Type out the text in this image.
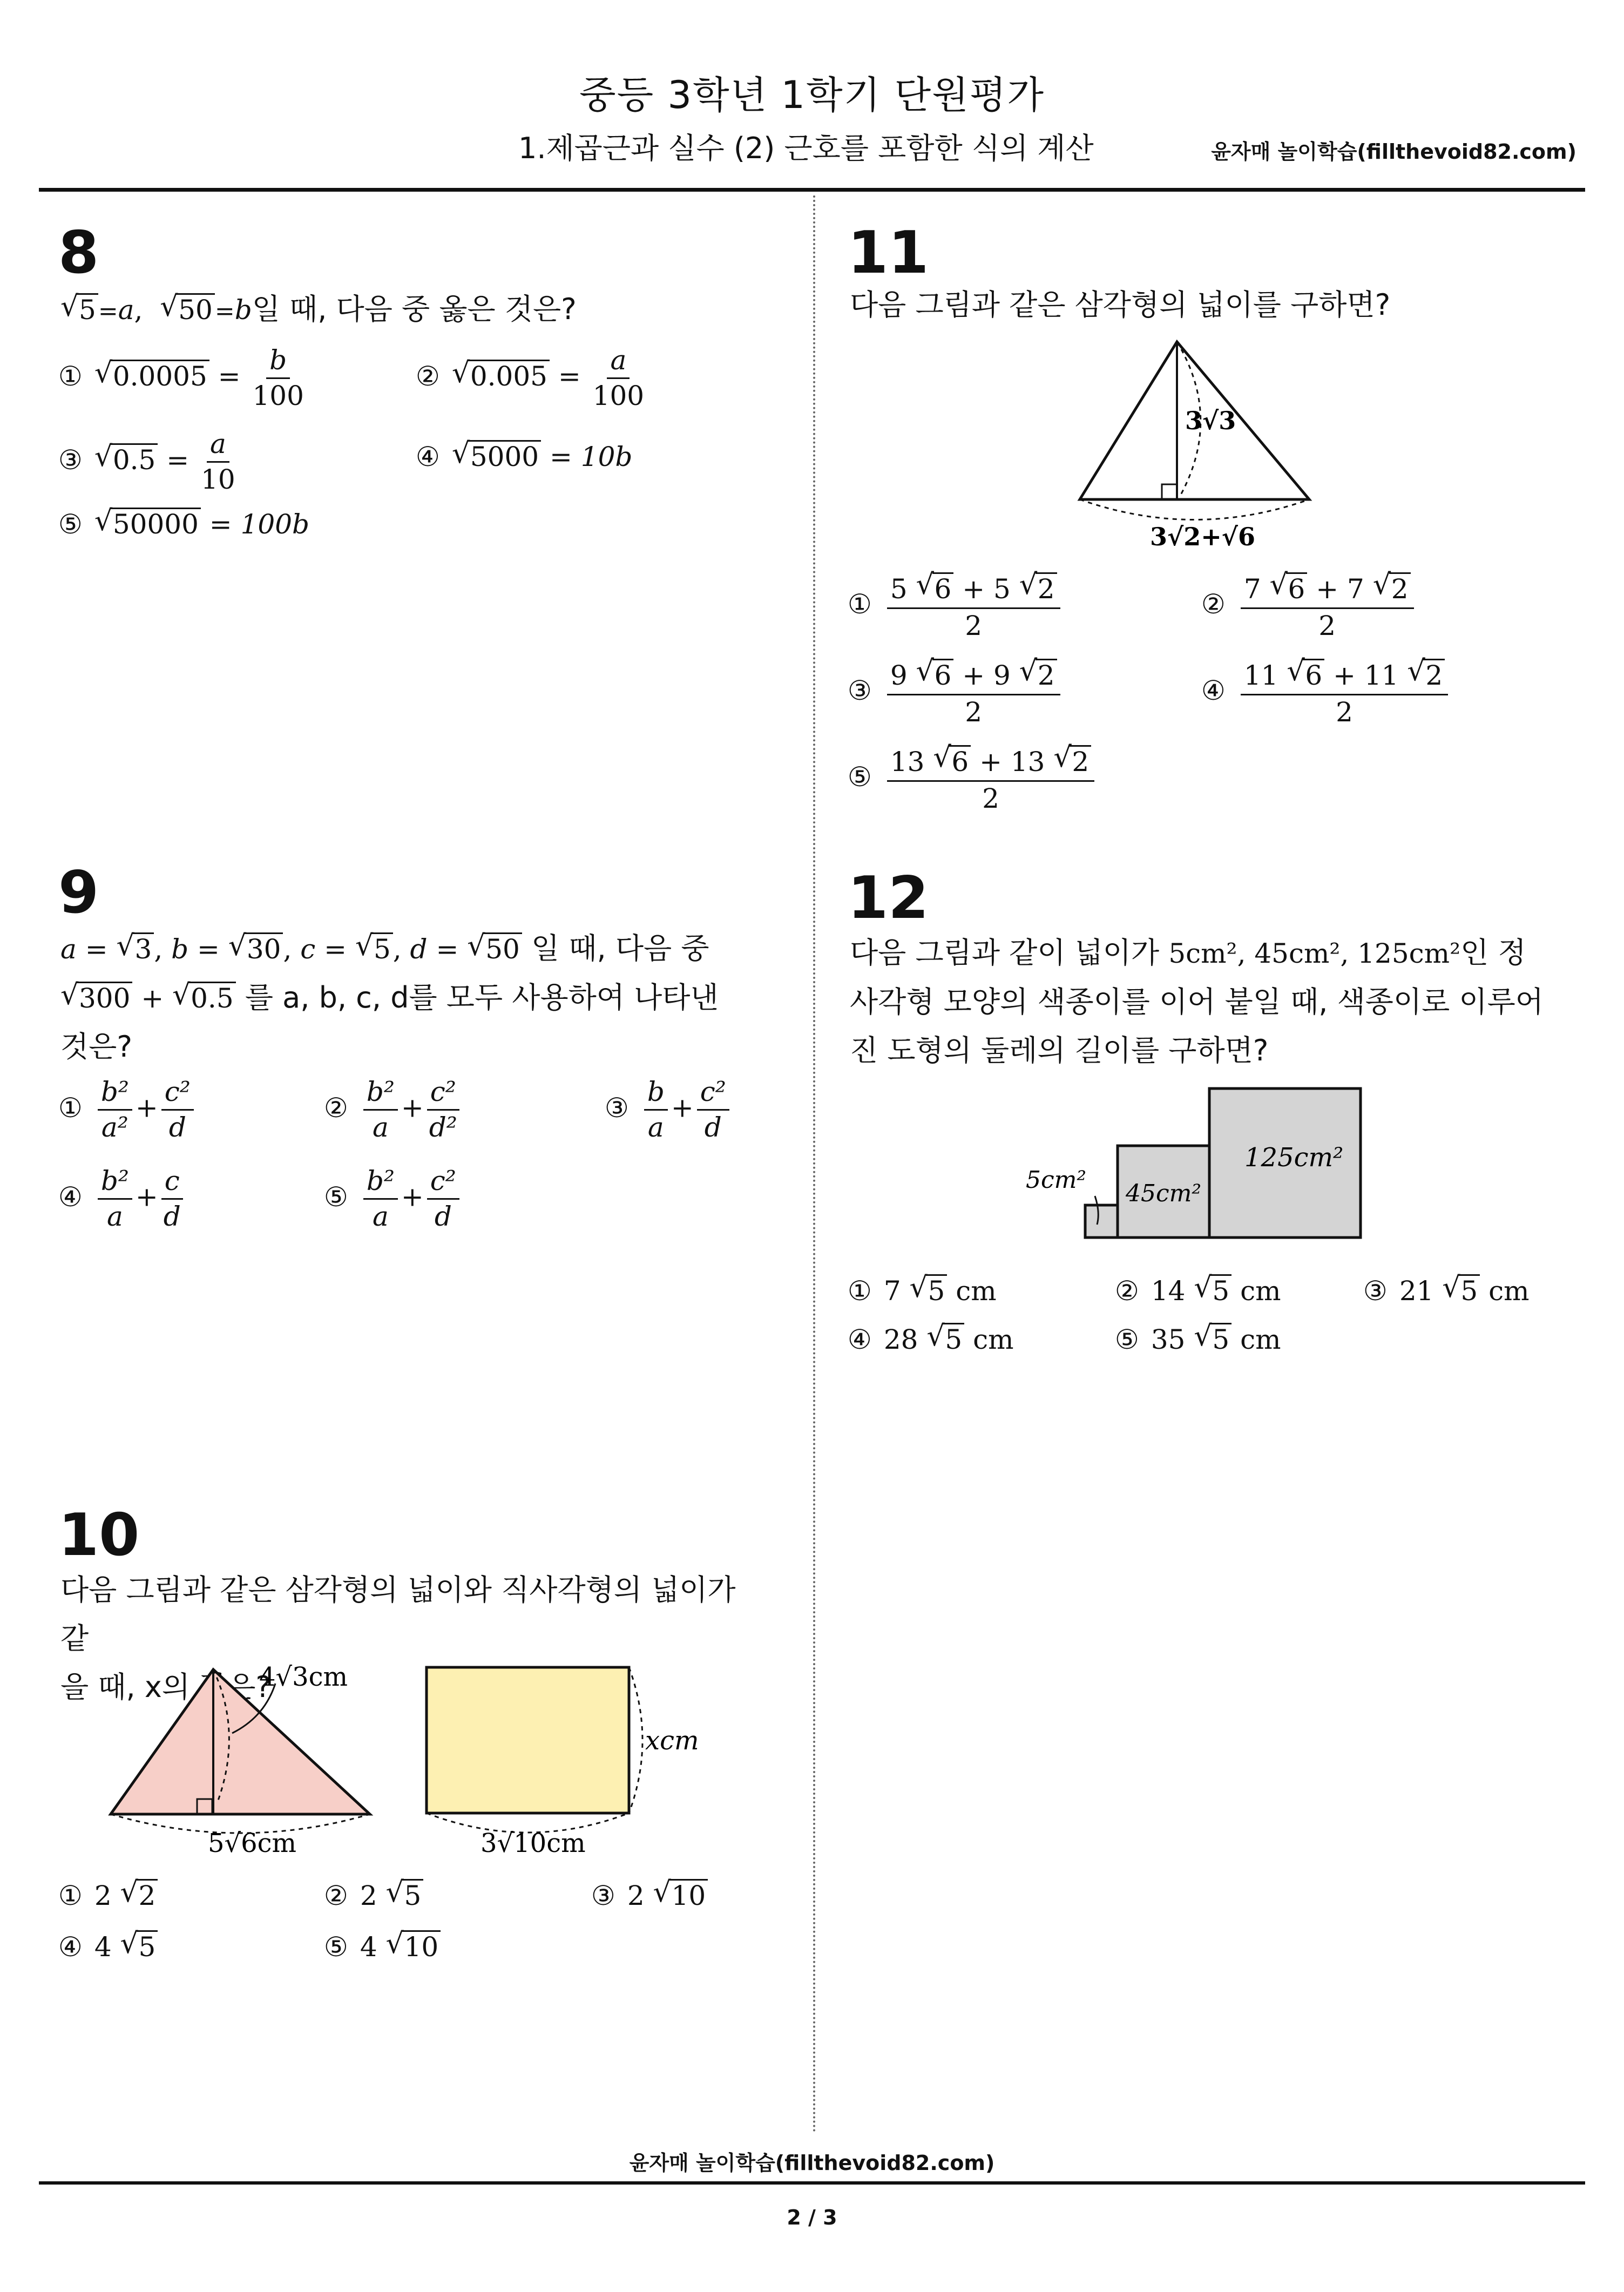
중등 3학년 1학기 단원평가
1.제곱근과 실수 (2) 근호를 포함한 식의 계산	윤자매 놀이학습(fillthevoid82.com)
8
√ 5=a,  √ 50=b일 때, 다음 중 옳은 것은?
① √ $0.0005 = \frac{b}{100}$	② √ $0.005 = \frac{a}{100}$
③ √ $0.5 = \frac{a}{10}$	④ √ 5000 = 10b
⑤ √ 50000 = 100b
9
a = √ 3, b = √ 30, c = √ 5, d = √ 50 일 때, 다음 중
√ 300 + √ 0.5 를 a, b, c, d를 모두 사용하여 나타낸
것은?
① $\frac{\text{b²}}{\text{a²}} + \frac{\text{c²}}{d}$	② $\frac{\text{b²}}{a} + \frac{\text{c²}}{\text{d²}}$	③ $\frac{b}{a} + \frac{\text{c²}}{d}$
④ $\frac{\text{b²}}{a} + \frac{c}{d}$	⑤ $\frac{\text{b²}}{a} + \frac{\text{c²}}{d}$
10
다음 그림과 같은 삼각형의 넓이와 직사각형의 넓이가 같
을 때, x의 값은?
4√3cm
5√6cm
xcm
3√10cm
① 2 √ 2	② 2 √ 5	③ 2 √ 10
④ 4 √ 5	⑤ 4 √ 10
11
다음 그림과 같은 삼각형의 넓이를 구하면?
3√3
3√2+√6
① $\frac{5 √ 6 + 5 √ 2}{2}$	② $\frac{7 √ 6 + 7 √ 2}{2}$
③ $\frac{9 √ 6 + 9 √ 2}{2}$	④ $\frac{11 √ 6 + 11 √ 2}{2}$
⑤ $\frac{13 √ 6 + 13 √ 2}{2}$
12
다음 그림과 같이 넓이가 5cm², 45cm², 125cm²인 정
사각형 모양의 색종이를 이어 붙일 때, 색종이로 이루어
진 도형의 둘레의 길이를 구하면?
5cm² 45cm²
125cm²
① 7 √ 5 cm	② 14 √ 5 cm	③ 21 √ 5 cm
④ 28 √ 5 cm	⑤ 35 √ 5 cm
윤자매 놀이학습(fillthevoid82.com)
2 / 3
